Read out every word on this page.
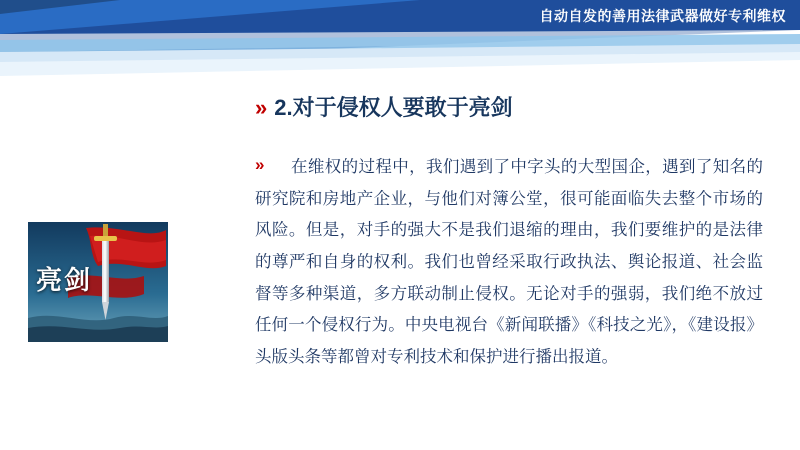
自动自发的善用法律武器做好专利维权
» 2.对于侵权人要敢于亮剑
»	在维权的过程中，我们遇到了中字头的大型国企，遇到了知名的研究院和房地产企业，与他们对簿公堂，很可能面临失去整个市场的风险。但是，对手的强大不是我们退缩的理由，我们要维护的是法律的尊严和自身的权利。我们也曾经采取行政执法、舆论报道、社会监督等多种渠道，多方联动制止侵权。无论对手的强弱，我们绝不放过任何一个侵权行为。中央电视台《新闻联播》《科技之光》，《建设报》头版头条等都曾对专利技术和保护进行播出报道。

亮剑
